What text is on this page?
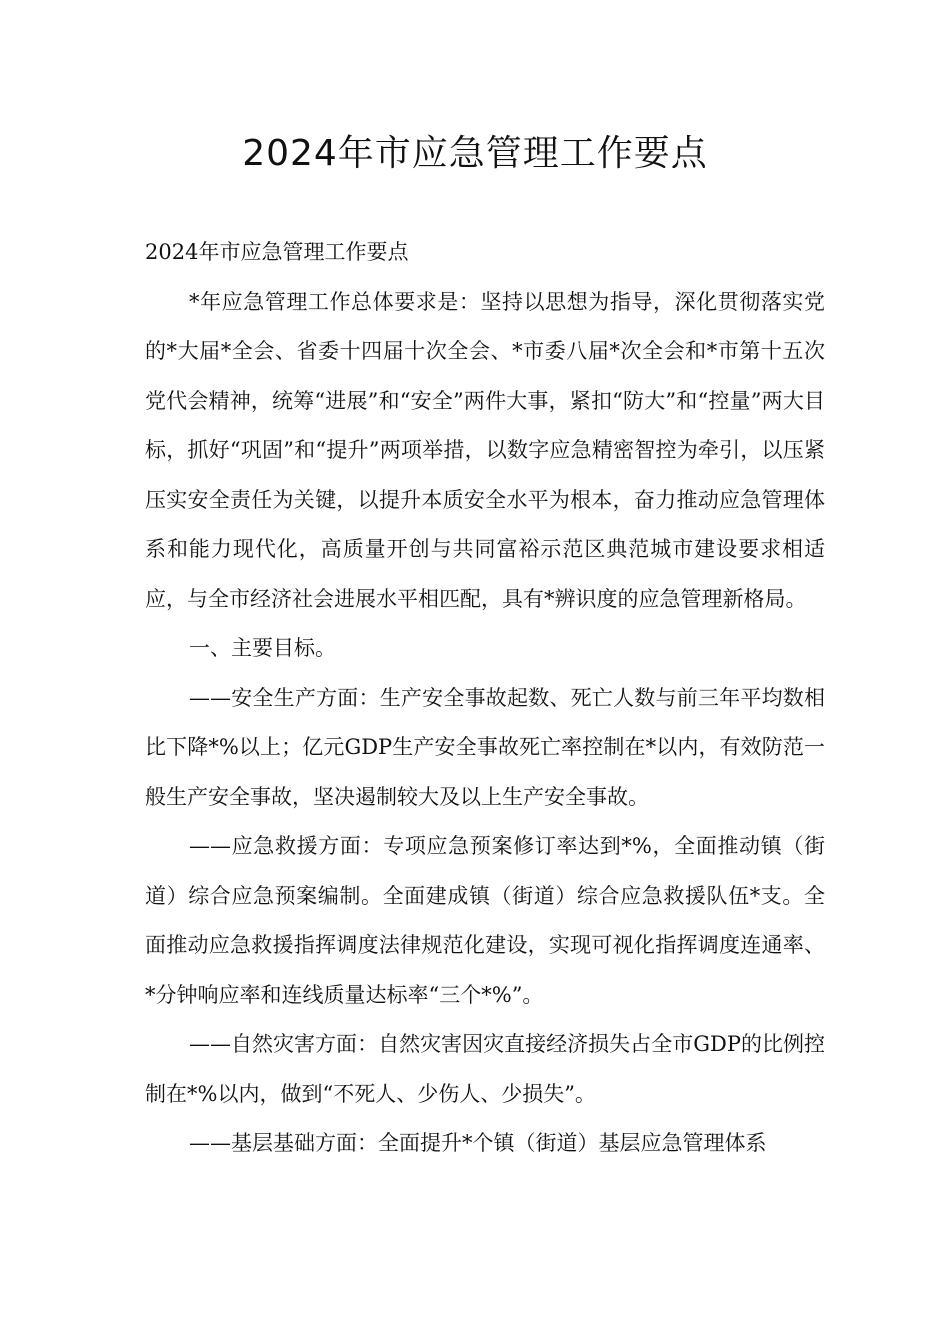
2024年市应急管理工作要点

2024年市应急管理工作要点

*年应急管理工作总体要求是：坚持以思想为指导，深化贯彻落实党的*大届*全会、省委十四届十次全会、*市委八届*次全会和*市第十五次党代会精神，统筹“进展”和“安全”两件大事，紧扣“防大”和“控量”两大目标，抓好“巩固”和“提升”两项举措，以数字应急精密智控为牵引，以压紧压实安全责任为关键，以提升本质安全水平为根本，奋力推动应急管理体系和能力现代化，高质量开创与共同富裕示范区典范城市建设要求相适应，与全市经济社会进展水平相匹配，具有*辨识度的应急管理新格局。

一、主要目标。

——安全生产方面：生产安全事故起数、死亡人数与前三年平均数相比下降*%以上；亿元GDP生产安全事故死亡率控制在*以内，有效防范一般生产安全事故，坚决遏制较大及以上生产安全事故。

——应急救援方面：专项应急预案修订率达到*%，全面推动镇（街道）综合应急预案编制。全面建成镇（街道）综合应急救援队伍*支。全面推动应急救援指挥调度法律规范化建设，实现可视化指挥调度连通率、*分钟响应率和连线质量达标率“三个*%”。

——自然灾害方面：自然灾害因灾直接经济损失占全市GDP的比例控制在*%以内，做到“不死人、少伤人、少损失”。

——基层基础方面：全面提升*个镇（街道）基层应急管理体系
